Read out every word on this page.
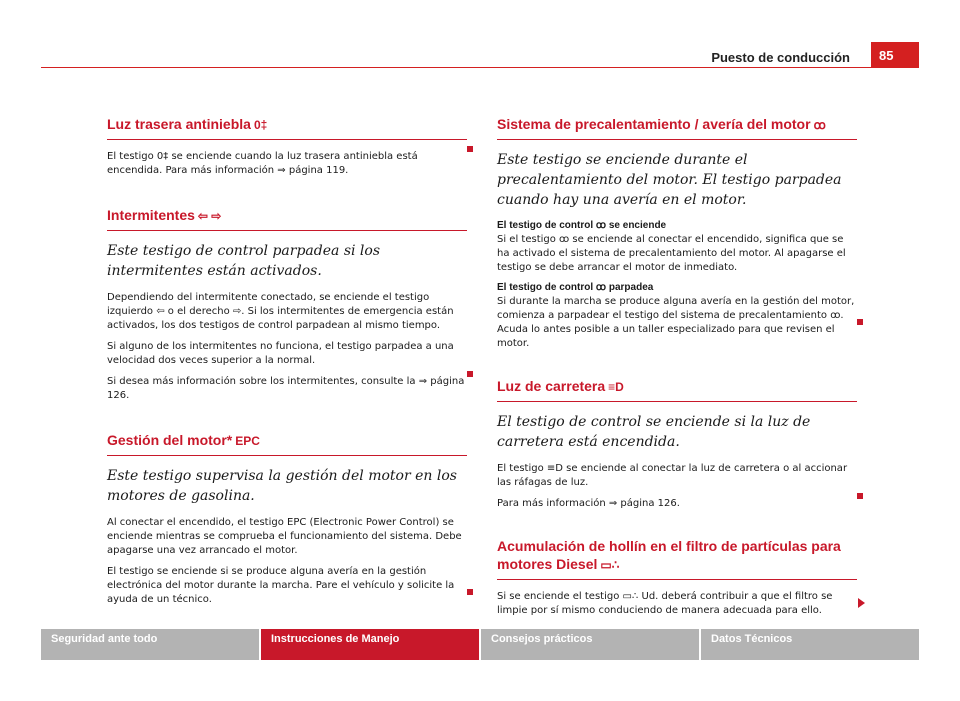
Puesto de conducción	85
Luz trasera antiniebla 0‡

El testigo 0‡ se enciende cuando la luz trasera antiniebla está encendida. Para más información ⇒ página 119.

Intermitentes ⇦ ⇨

Este testigo de control parpadea si los intermitentes están activados.

Dependiendo del intermitente conectado, se enciende el testigo izquierdo ⇦ o el derecho ⇨. Si los intermitentes de emergencia están activados, los dos testigos de control parpadean al mismo tiempo.

Si alguno de los intermitentes no funciona, el testigo parpadea a una velocidad dos veces superior a la normal.

Si desea más información sobre los intermitentes, consulte la ⇒ página 126.

Gestión del motor* EPC

Este testigo supervisa la gestión del motor en los motores de gasolina.

Al conectar el encendido, el testigo EPC (Electronic Power Control) se enciende mientras se comprueba el funcionamiento del sistema. Debe apagarse una vez arrancado el motor.

El testigo se enciende si se produce alguna avería en la gestión electrónica del motor durante la marcha. Pare el vehículo y solicite la ayuda de un técnico.

Sistema de precalentamiento / avería del motor ꝏ

Este testigo se enciende durante el precalentamiento del motor. El testigo parpadea cuando hay una avería en el motor.

El testigo de control ꝏ se enciende

Si el testigo ꝏ se enciende al conectar el encendido, significa que se ha activado el sistema de precalentamiento del motor. Al apagarse el testigo se debe arrancar el motor de inmediato.

El testigo de control ꝏ parpadea

Si durante la marcha se produce alguna avería en la gestión del motor, comienza a parpadear el testigo del sistema de precalentamiento ꝏ. Acuda lo antes posible a un taller especializado para que revisen el motor.

Luz de carretera ≡D

El testigo de control se enciende si la luz de carretera está encendida.

El testigo ≡D se enciende al conectar la luz de carretera o al accionar las ráfagas de luz.

Para más información ⇒ página 126.

Acumulación de hollín en el filtro de partículas para motores Diesel ▭∴

Si se enciende el testigo ▭∴ Ud. deberá contribuir a que el filtro se limpie por sí mismo conduciendo de manera adecuada para ello.

Seguridad ante todo	Instrucciones de Manejo	Consejos prácticos	Datos Técnicos
